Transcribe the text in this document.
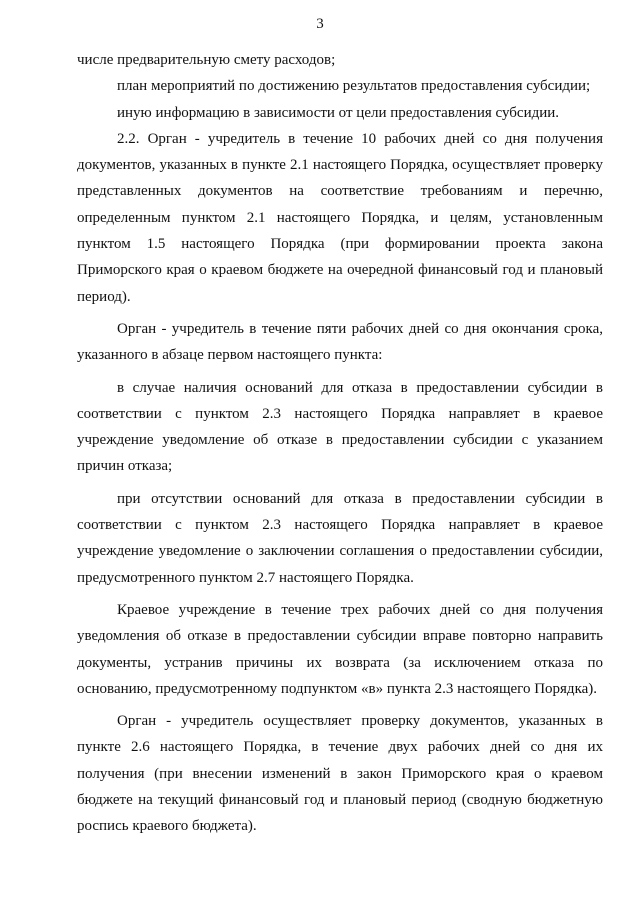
3

числе предварительную смету расходов;

план мероприятий по достижению результатов предоставления субсидии;

иную информацию в зависимости от цели предоставления субсидии.

2.2. Орган - учредитель в течение 10 рабочих дней со дня получения документов, указанных в пункте 2.1 настоящего Порядка, осуществляет проверку представленных документов на соответствие требованиям и перечню, определенным пунктом 2.1 настоящего Порядка, и целям, установленным пунктом 1.5 настоящего Порядка (при формировании проекта закона Приморского края о краевом бюджете на очередной финансовый год и плановый период).

Орган - учредитель в течение пяти рабочих дней со дня окончания срока, указанного в абзаце первом настоящего пункта:

в случае наличия оснований для отказа в предоставлении субсидии в соответствии с пунктом 2.3 настоящего Порядка направляет в краевое учреждение уведомление об отказе в предоставлении субсидии с указанием причин отказа;

при отсутствии оснований для отказа в предоставлении субсидии в соответствии с пунктом 2.3 настоящего Порядка направляет в краевое учреждение уведомление о заключении соглашения о предоставлении субсидии, предусмотренного пунктом 2.7 настоящего Порядка.

Краевое учреждение в течение трех рабочих дней со дня получения уведомления об отказе в предоставлении субсидии вправе повторно направить документы, устранив причины их возврата (за исключением отказа по основанию, предусмотренному подпунктом «в» пункта 2.3 настоящего Порядка).

Орган - учредитель осуществляет проверку документов, указанных в пункте 2.6 настоящего Порядка, в течение двух рабочих дней со дня их получения (при внесении изменений в закон Приморского края о краевом бюджете на текущий финансовый год и плановый период (сводную бюджетную роспись краевого бюджета).
